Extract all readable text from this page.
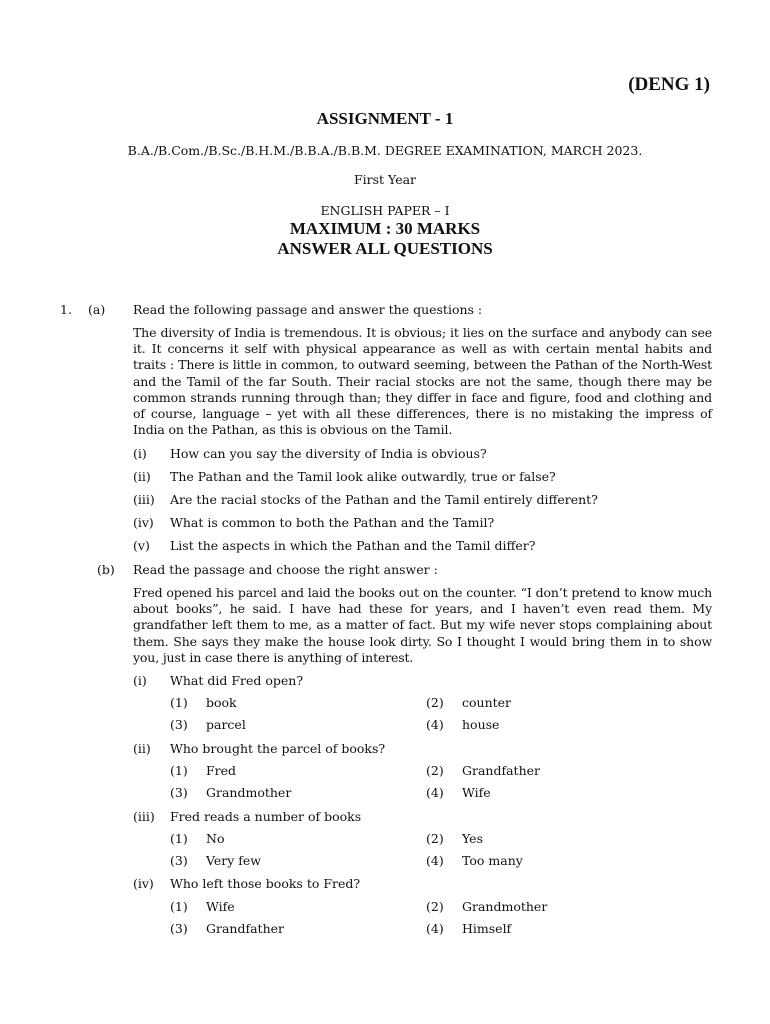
(DENG 1)
ASSIGNMENT - 1
B.A./B.Com./B.Sc./B.H.M./B.B.A./B.B.M. DEGREE EXAMINATION, MARCH 2023.
First Year
ENGLISH PAPER – I
MAXIMUM : 30 MARKS
ANSWER ALL QUESTIONS
1. (a) Read the following passage and answer the questions :
The diversity of India is tremendous. It is obvious; it lies on the surface and anybody can see it. It concerns it self with physical appearance as well as with certain mental habits and traits : There is little in common, to outward seeming, between the Pathan of the North-West and the Tamil of the far South. Their racial stocks are not the same, though there may be common strands running through than; they differ in face and figure, food and clothing and of course, language – yet with all these differences, there is no mistaking the impress of India on the Pathan, as this is obvious on the Tamil.
(i) How can you say the diversity of India is obvious?
(ii) The Pathan and the Tamil look alike outwardly, true or false?
(iii) Are the racial stocks of the Pathan and the Tamil entirely different?
(iv) What is common to both the Pathan and the Tamil?
(v) List the aspects in which the Pathan and the Tamil differ?
(b) Read the passage and choose the right answer :
Fred opened his parcel and laid the books out on the counter. “I don’t pretend to know much about books”, he said. I have had these for years, and I haven’t even read them. My grandfather left them to me, as a matter of fact. But my wife never stops complaining about them. She says they make the house look dirty. So I thought I would bring them in to show you, just in case there is anything of interest.
(i) What did Fred open?
(1) book	(2) counter
(3) parcel	(4) house
(ii) Who brought the parcel of books?
(1) Fred	(2) Grandfather
(3) Grandmother	(4) Wife
(iii) Fred reads a number of books
(1) No	(2) Yes
(3) Very few	(4) Too many
(iv) Who left those books to Fred?
(1) Wife	(2) Grandmother
(3) Grandfather	(4) Himself
